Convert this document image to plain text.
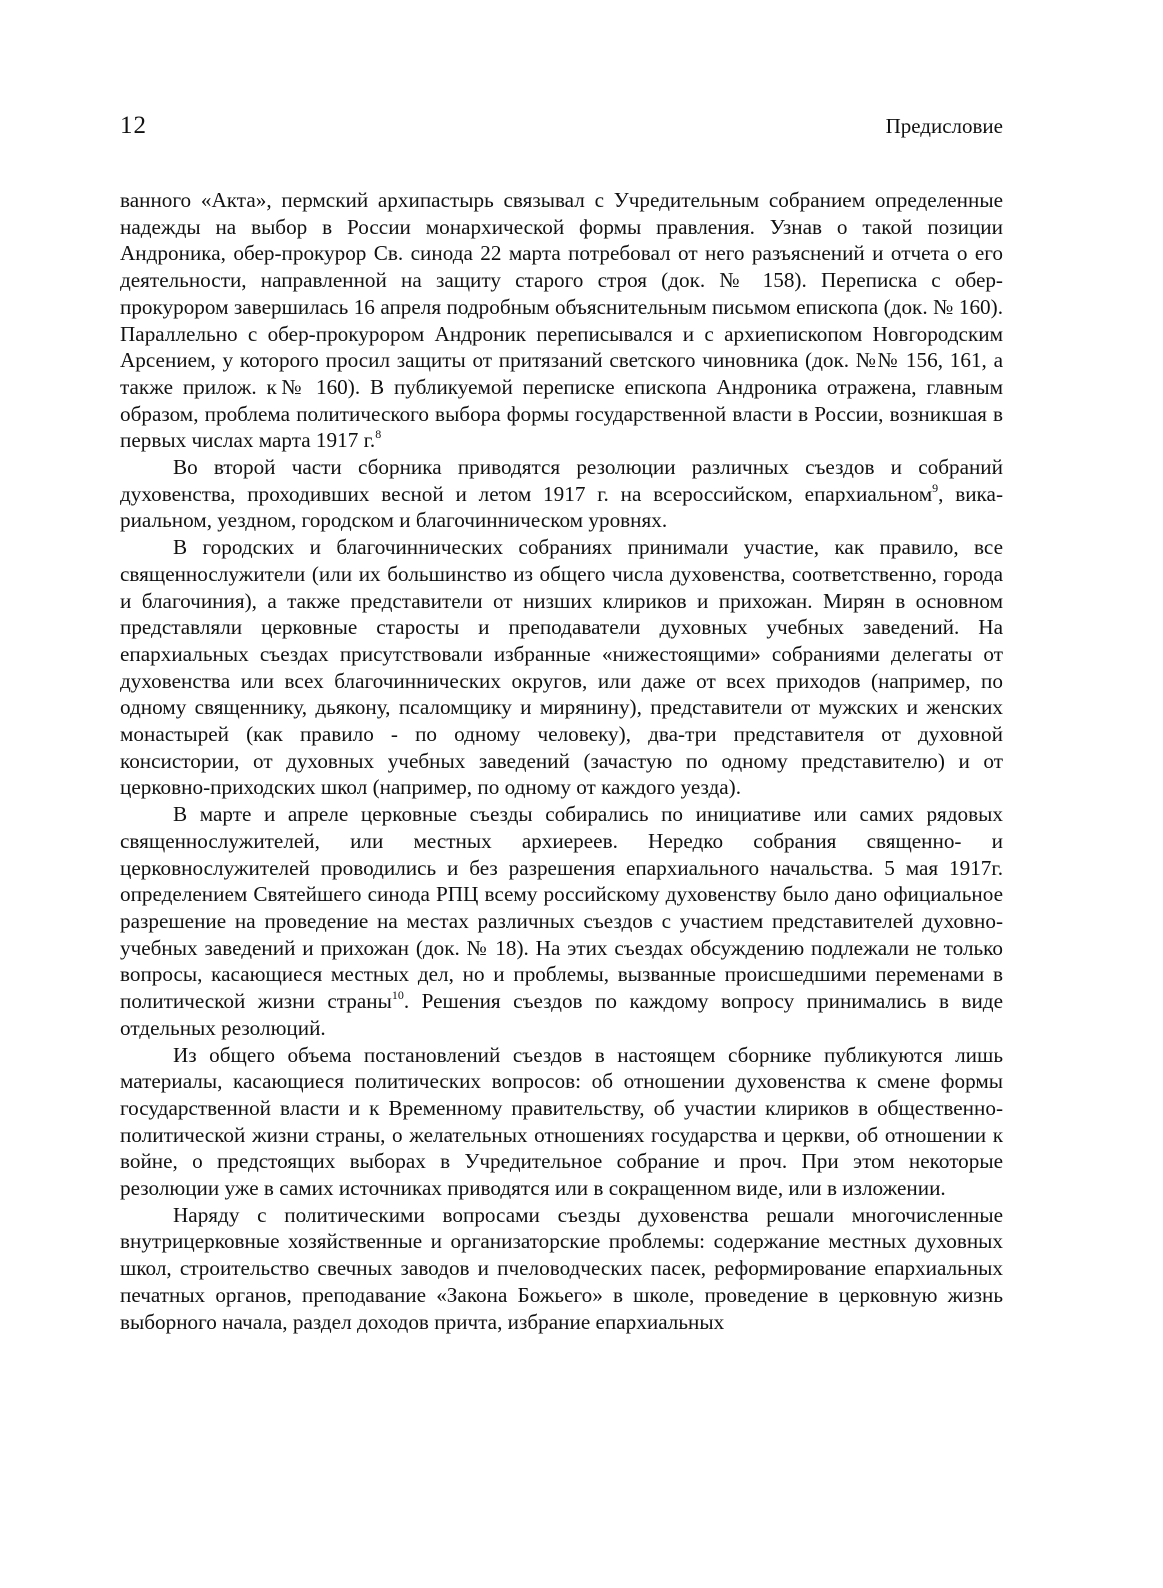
12	Предисловие

ванного «Акта», пермский архипастырь связывал с Учредительным собранием определенные надежды на выбор в России монархической формы правления. Узнав о такой позиции Андроника, обер-прокурор Св. синода 22 марта потребовал от него разъяснений и отчета о его деятельности, направленной на защиту старого строя (док. № 158). Переписка с обер-прокурором завершилась 16 апреля подробным объяснительным письмом епископа (док. № 160). Параллельно с обер-прокурором Андроник переписывался и с архиепископом Новгородским Арсением, у которого просил защиты от притязаний светского чиновника (док. №№ 156, 161, а также прилож. к№ 160). В публикуемой переписке епископа Андроника отражена, главным образом, проблема политического выбора формы государственной власти в России, возникшая в первых числах марта 1917 г.$^8$

Во второй части сборника приводятся резолюции различных съездов и собраний духовенства, проходивших весной и летом 1917 г. на всероссийском, епархиальном$^9$, вика-риальном, уездном, городском и благочинническом уровнях.

В городских и благочиннических собраниях принимали участие, как правило, все священнослужители (или их большинство из общего числа духовенства, соответственно, города и благочиния), а также представители от низших клириков и прихожан. Мирян в основном представляли церковные старосты и преподаватели духовных учебных заведений. На епархиальных съездах присутствовали избранные «нижестоящими» собраниями делегаты от духовенства или всех благочиннических округов, или даже от всех приходов (например, по одному священнику, дьякону, псаломщику и мирянину), представители от мужских и женских монастырей (как правило - по одному человеку), два-три представителя от духовной консистории, от духовных учебных заведений (зачастую по одному представителю) и от церковно-приходских школ (например, по одному от каждого уезда).

В марте и апреле церковные съезды собирались по инициативе или самих рядовых священнослужителей, или местных архиереев. Нередко собрания священно- и церковнослужителей проводились и без разрешения епархиального начальства. 5 мая 1917г. определением Святейшего синода РПЦ всему российскому духовенству было дано официальное разрешение на проведение на местах различных съездов с участием представителей духовно-учебных заведений и прихожан (док. № 18). На этих съездах обсуждению подлежали не только вопросы, касающиеся местных дел, но и проблемы, вызванные происшедшими переменами в политической жизни страны$^{10}$. Решения съездов по каждому вопросу принимались в виде отдельных резолюций.

Из общего объема постановлений съездов в настоящем сборнике публикуются лишь материалы, касающиеся политических вопросов: об отношении духовенства к смене формы государственной власти и к Временному правительству, об участии клириков в общественно-политической жизни страны, о желательных отношениях государства и церкви, об отношении к войне, о предстоящих выборах в Учредительное собрание и проч. При этом некоторые резолюции уже в самих источниках приводятся или в сокращенном виде, или в изложении.

Наряду с политическими вопросами съезды духовенства решали многочисленные внутрицерковные хозяйственные и организаторские проблемы: содержание местных духовных школ, строительство свечных заводов и пчеловодческих пасек, реформирование епархиальных печатных органов, преподавание «Закона Божьего» в школе, проведение в церковную жизнь выборного начала, раздел доходов причта, избрание епархиальных
